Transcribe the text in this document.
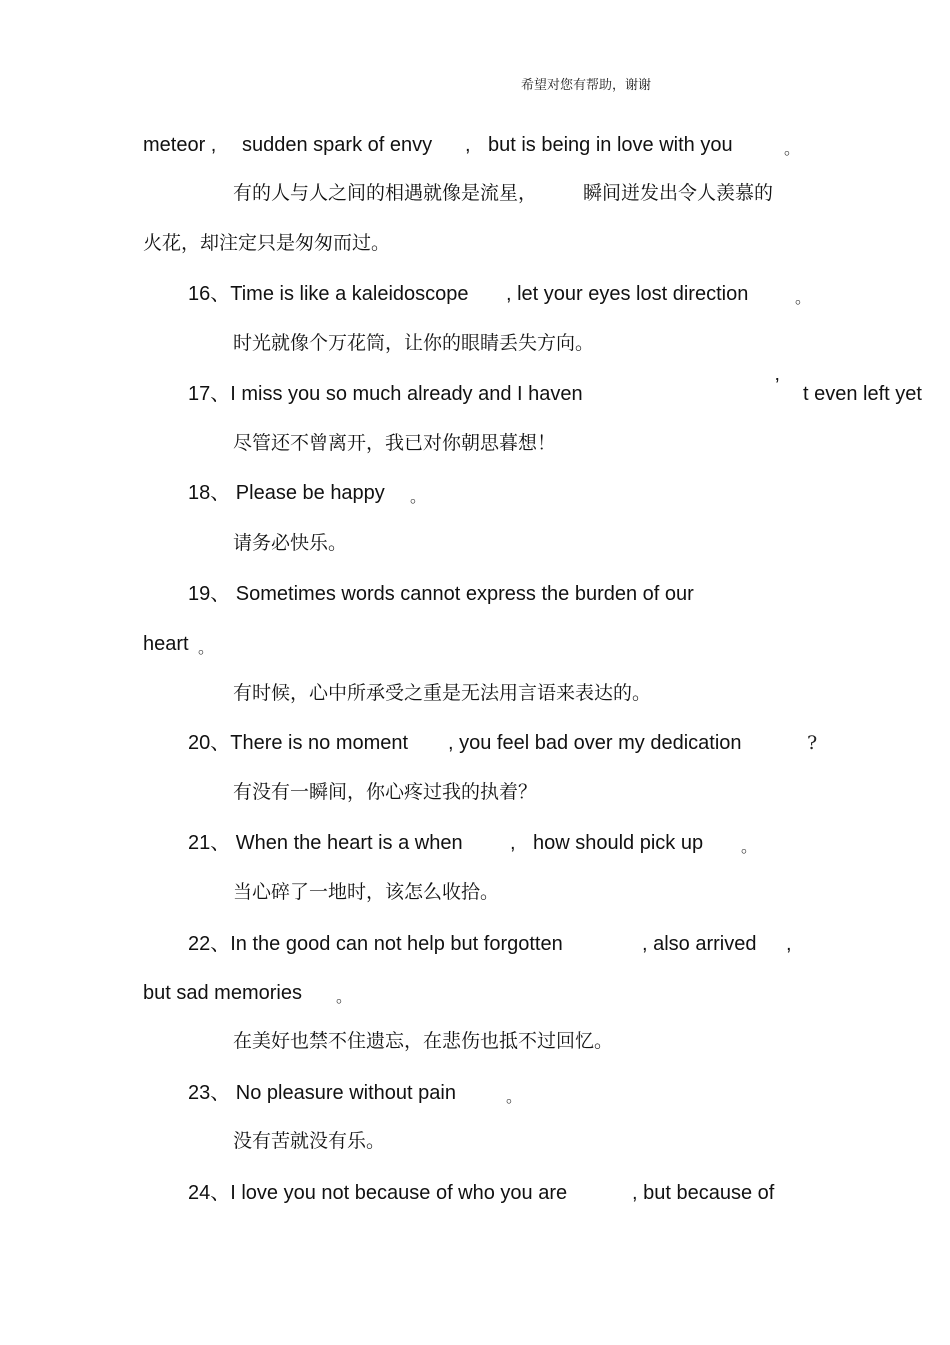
希望对您有帮助，谢谢
meteor , sudden spark of envy , but is being in love with you	。
有的人与人之间的相遇就像是流星， 瞬间迸发出令人羡慕的
火花，却注定只是匆匆而过。
16、Time is like a kaleidoscope , let your eyes lost direction	。
时光就像个万花筒，让你的眼睛丢失方向。
17、I miss you so much already and I haven	’ t even left yet
尽管还不曾离开，我已对你朝思暮想！
18、 Please be happy 。
请务必快乐。
19、 Sometimes words cannot express the burden of our
heart 。
有时候，心中所承受之重是无法用言语来表达的。
20、There is no moment , you feel bad over my dedication	?
有没有一瞬间，你心疼过我的执着？
21、 When the heart is a when , how should pick up 。
当心碎了一地时，该怎么收拾。
22、In the good can not help but forgotten	, also arrived ,
but sad memories 。
在美好也禁不住遗忘，在悲伤也抵不过回忆。
23、 No pleasure without pain	。
没有苦就没有乐。
24、I love you not because of who you are	, but because of
